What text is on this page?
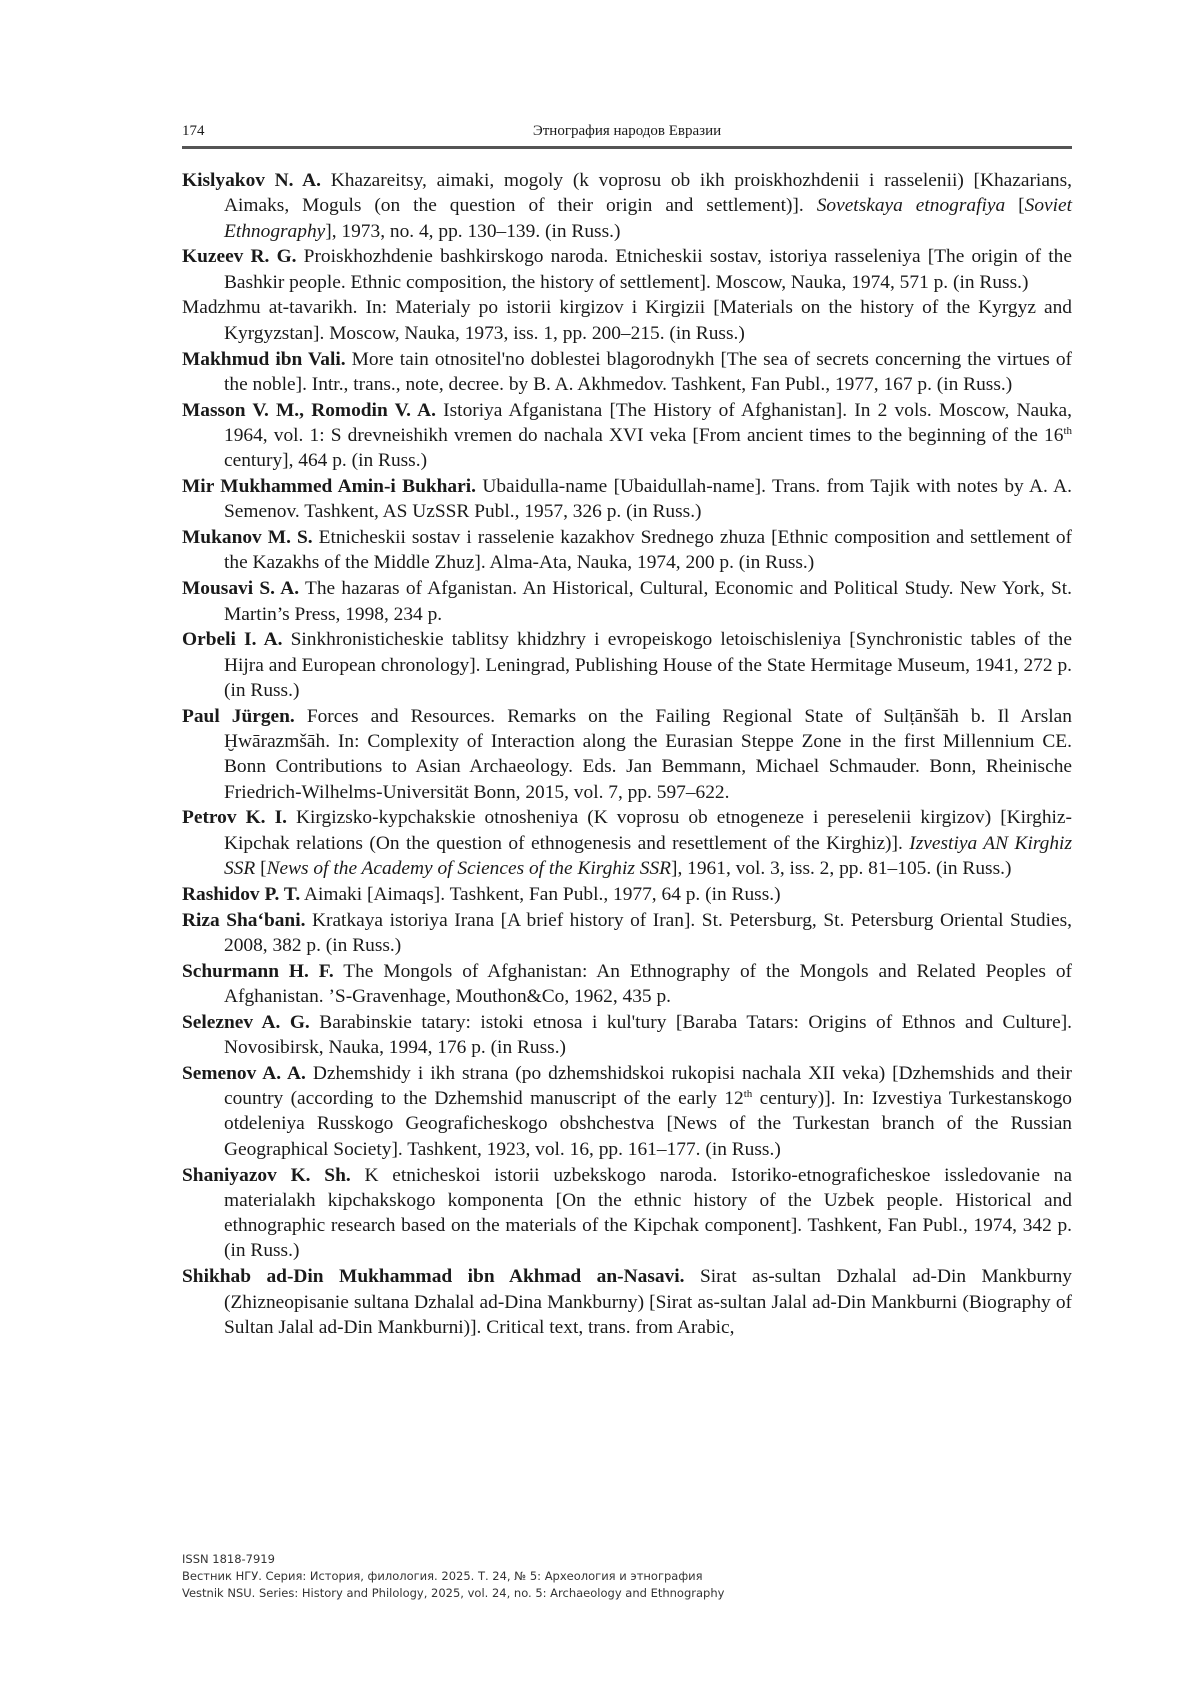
174	Этнография народов Евразии
Kislyakov N. A. Khazareitsy, aimaki, mogoly (k voprosu ob ikh proiskhozhdenii i rasselenii) [Khazarians, Aimaks, Moguls (on the question of their origin and settlement)]. Sovetskaya etnografiya [Soviet Ethnography], 1973, no. 4, pp. 130–139. (in Russ.)
Kuzeev R. G. Proiskhozhdenie bashkirskogo naroda. Etnicheskii sostav, istoriya rasseleniya [The origin of the Bashkir people. Ethnic composition, the history of settlement]. Moscow, Nauka, 1974, 571 p. (in Russ.)
Madzhmu at-tavarikh. In: Materialy po istorii kirgizov i Kirgizii [Materials on the history of the Kyrgyz and Kyrgyzstan]. Moscow, Nauka, 1973, iss. 1, pp. 200–215. (in Russ.)
Makhmud ibn Vali. More tain otnositel'no doblestei blagorodnykh [The sea of secrets concerning the virtues of the noble]. Intr., trans., note, decree. by B. A. Akhmedov. Tashkent, Fan Publ., 1977, 167 p. (in Russ.)
Masson V. M., Romodin V. A. Istoriya Afganistana [The History of Afghanistan]. In 2 vols. Moscow, Nauka, 1964, vol. 1: S drevneishikh vremen do nachala XVI veka [From ancient times to the beginning of the 16th century], 464 p. (in Russ.)
Mir Mukhammed Amin-i Bukhari. Ubaidulla-name [Ubaidullah-name]. Trans. from Tajik with notes by A. A. Semenov. Tashkent, AS UzSSR Publ., 1957, 326 p. (in Russ.)
Mukanov M. S. Etnicheskii sostav i rasselenie kazakhov Srednego zhuza [Ethnic composition and settlement of the Kazakhs of the Middle Zhuz]. Alma-Ata, Nauka, 1974, 200 p. (in Russ.)
Mousavi S. A. The hazaras of Afganistan. An Historical, Cultural, Economic and Political Study. New York, St. Martin’s Press, 1998, 234 p.
Orbeli I. A. Sinkhronisticheskie tablitsy khidzhry i evropeiskogo letoischisleniya [Synchronistic tables of the Hijra and European chronology]. Leningrad, Publishing House of the State Hermitage Museum, 1941, 272 p. (in Russ.)
Paul Jürgen. Forces and Resources. Remarks on the Failing Regional State of Sulṭānšāh b. Il Arslan Ḫwārazmšāh. In: Complexity of Interaction along the Eurasian Steppe Zone in the first Millennium CE. Bonn Contributions to Asian Archaeology. Eds. Jan Bemmann, Michael Schmauder. Bonn, Rheinische Friedrich-Wilhelms-Universität Bonn, 2015, vol. 7, pp. 597–622.
Petrov K. I. Kirgizsko-kypchakskie otnosheniya (K voprosu ob etnogeneze i pereselenii kirgizov) [Kirghiz-Kipchak relations (On the question of ethnogenesis and resettlement of the Kirghiz)]. Izvestiya AN Kirghiz SSR [News of the Academy of Sciences of the Kirghiz SSR], 1961, vol. 3, iss. 2, pp. 81–105. (in Russ.)
Rashidov P. T. Aimaki [Aimaqs]. Tashkent, Fan Publ., 1977, 64 p. (in Russ.)
Riza Sha‘bani. Kratkaya istoriya Irana [A brief history of Iran]. St. Petersburg, St. Petersburg Oriental Studies, 2008, 382 p. (in Russ.)
Schurmann H. F. The Mongols of Afghanistan: An Ethnography of the Mongols and Related Peoples of Afghanistan. ’S-Gravenhage, Mouthon&Co, 1962, 435 p.
Seleznev A. G. Barabinskie tatary: istoki etnosa i kul'tury [Baraba Tatars: Origins of Ethnos and Culture]. Novosibirsk, Nauka, 1994, 176 p. (in Russ.)
Semenov A. A. Dzhemshidy i ikh strana (po dzhemshidskoi rukopisi nachala XII veka) [Dzhemshids and their country (according to the Dzhemshid manuscript of the early 12th century)]. In: Izvestiya Turkestanskogo otdeleniya Russkogo Geograficheskogo obshchestva [News of the Turkestan branch of the Russian Geographical Society]. Tashkent, 1923, vol. 16, pp. 161–177. (in Russ.)
Shaniyazov K. Sh. K etnicheskoi istorii uzbekskogo naroda. Istoriko-etnograficheskoe issledovanie na materialakh kipchakskogo komponenta [On the ethnic history of the Uzbek people. Historical and ethnographic research based on the materials of the Kipchak component]. Tashkent, Fan Publ., 1974, 342 p. (in Russ.)
Shikhab ad-Din Mukhammad ibn Akhmad an-Nasavi. Sirat as-sultan Dzhalal ad-Din Mankburny (Zhizneopisanie sultana Dzhalal ad-Dina Mankburny) [Sirat as-sultan Jalal ad-Din Mankburni (Biography of Sultan Jalal ad-Din Mankburni)]. Critical text, trans. from Arabic,
ISSN 1818-7919
Вестник НГУ. Серия: История, филология. 2025. Т. 24, № 5: Археология и этнография
Vestnik NSU. Series: History and Philology, 2025, vol. 24, no. 5: Archaeology and Ethnography
